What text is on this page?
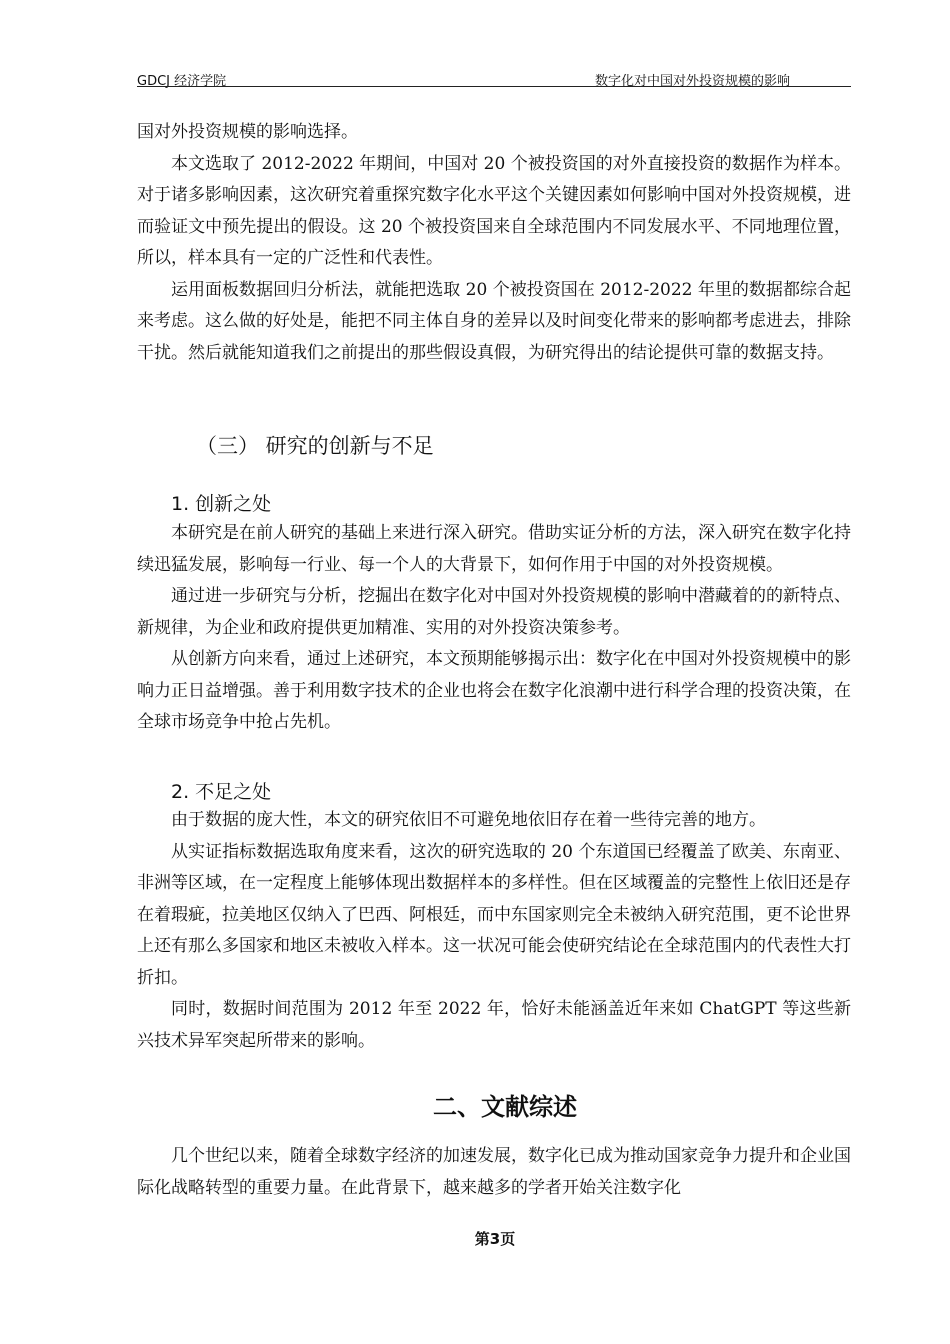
GDCJ 经济学院	数字化对中国对外投资规模的影响

国对外投资规模的影响选择。

本文选取了 2012-2022 年期间，中国对 20 个被投资国的对外直接投资的数据作为样本。对于诸多影响因素，这次研究着重探究数字化水平这个关键因素如何影响中国对外投资规模，进而验证文中预先提出的假设。这 20 个被投资国来自全球范围内不同发展水平、不同地理位置，所以，样本具有一定的广泛性和代表性。

运用面板数据回归分析法，就能把选取 20 个被投资国在 2012-2022 年里的数据都综合起来考虑。这么做的好处是，能把不同主体自身的差异以及时间变化带来的影响都考虑进去，排除干扰。然后就能知道我们之前提出的那些假设真假，为研究得出的结论提供可靠的数据支持。

（三） 研究的创新与不足
1. 创新之处

本研究是在前人研究的基础上来进行深入研究。借助实证分析的方法，深入研究在数字化持续迅猛发展，影响每一行业、每一个人的大背景下，如何作用于中国的对外投资规模。

通过进一步研究与分析，挖掘出在数字化对中国对外投资规模的影响中潜藏着的的新特点、新规律，为企业和政府提供更加精准、实用的对外投资决策参考。

从创新方向来看，通过上述研究，本文预期能够揭示出：数字化在中国对外投资规模中的影响力正日益增强。善于利用数字技术的企业也将会在数字化浪潮中进行科学合理的投资决策，在全球市场竞争中抢占先机。

2. 不足之处

由于数据的庞大性，本文的研究依旧不可避免地依旧存在着一些待完善的地方。

从实证指标数据选取角度来看，这次的研究选取的 20 个东道国已经覆盖了欧美、东南亚、非洲等区域，在一定程度上能够体现出数据样本的多样性。但在区域覆盖的完整性上依旧还是存在着瑕疵，拉美地区仅纳入了巴西、阿根廷，而中东国家则完全未被纳入研究范围，更不论世界上还有那么多国家和地区未被收入样本。这一状况可能会使研究结论在全球范围内的代表性大打折扣。

同时，数据时间范围为 2012 年至 2022 年，恰好未能涵盖近年来如 ChatGPT 等这些新兴技术异军突起所带来的影响。

二、文献综述

几个世纪以来，随着全球数字经济的加速发展，数字化已成为推动国家竞争力提升和企业国际化战略转型的重要力量。在此背景下，越来越多的学者开始关注数字化

第3页
